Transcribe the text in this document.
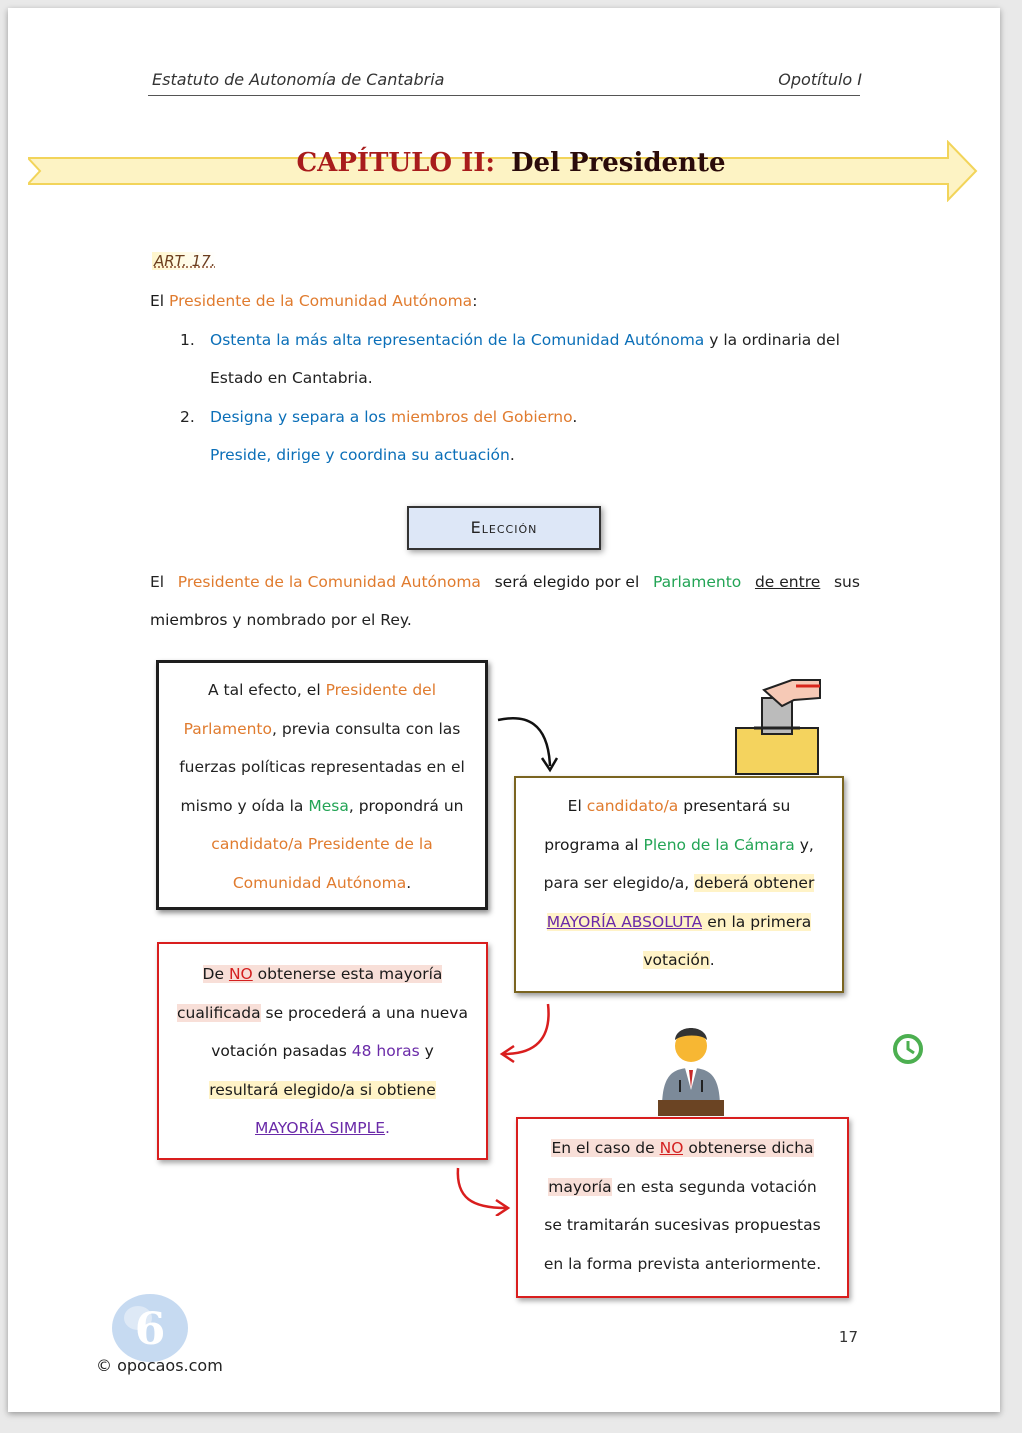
Estatuto de Autonomía de Cantabria	Opotítulo I
CAPÍTULO II: Del Presidente
ART. 17.
El Presidente de la Comunidad Autónoma:
1. Ostenta la más alta representación de la Comunidad Autónoma y la ordinaria del
Estado en Cantabria.
2. Designa y separa a los miembros del Gobierno.
Preside, dirige y coordina su actuación.
Elección
El Presidente de la Comunidad Autónoma será elegido por el Parlamento de entre sus
miembros y nombrado por el Rey.
A tal efecto, el Presidente del
Parlamento, previa consulta con las
fuerzas políticas representadas en el
mismo y oída la Mesa, propondrá un
candidato/a Presidente de la
Comunidad Autónoma.
El candidato/a presentará su
programa al Pleno de la Cámara y,
para ser elegido/a, deberá obtener
MAYORÍA ABSOLUTA en la primera
votación.
De NO obtenerse esta mayoría
cualificada se procederá a una nueva
votación pasadas 48 horas y
resultará elegido/a si obtiene
MAYORÍA SIMPLE.
En el caso de NO obtenerse dicha
mayoría en esta segunda votación
se tramitarán sucesivas propuestas
en la forma prevista anteriormente.
17
6
© opocaos.com
